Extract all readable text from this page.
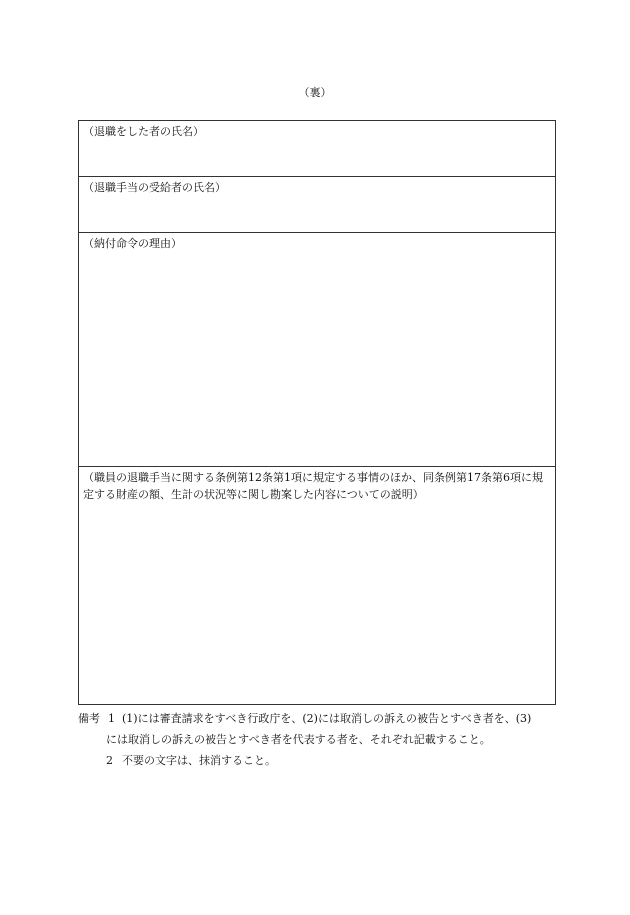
（裏）
（退職をした者の氏名）
（退職手当の受給者の氏名）
（納付命令の理由）
（職員の退職手当に関する条例第12条第1項に規定する事情のほか、同条例第17条第6項に規定する財産の額、生計の状況等に関し勘案した内容についての説明）
備考 1 (1)には審査請求をすべき行政庁を、(2)には取消しの訴えの被告とすべき者を、(3)
には取消しの訴えの被告とすべき者を代表する者を、それぞれ記載すること。
2 不要の文字は、抹消すること。
